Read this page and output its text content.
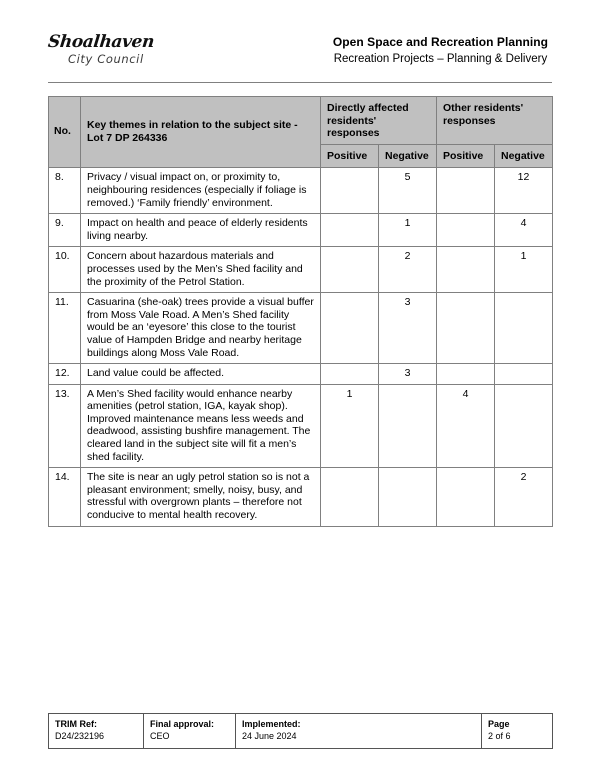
Shoalhaven
City Council
Open Space and Recreation Planning
Recreation Projects – Planning & Delivery
No.	Key themes in relation to the subject site - Lot 7 DP 264336	Directly affected residents' responses		Other residents' responses	
		Positive	Negative	Positive	Negative
8.	Privacy / visual impact on, or proximity to, neighbouring residences (especially if foliage is removed.) ‘Family friendly’ environment.		5		12
9.	Impact on health and peace of elderly residents living nearby.		1		4
10.	Concern about hazardous materials and processes used by the Men’s Shed facility and the proximity of the Petrol Station.		2		1
11.	Casuarina (she-oak) trees provide a visual buffer from Moss Vale Road. A Men’s Shed facility would be an ‘eyesore’ this close to the tourist value of Hampden Bridge and nearby heritage buildings along Moss Vale Road.		3		
12.	Land value could be affected.		3		
13.	A Men’s Shed facility would enhance nearby amenities (petrol station, IGA, kayak shop). Improved maintenance means less weeds and deadwood, assisting bushfire management. The cleared land in the subject site will fit a men’s shed facility.	1		4	
14.	The site is near an ugly petrol station so is not a pleasant environment; smelly, noisy, busy, and stressful with overgrown plants – therefore not conducive to mental health recovery.				2
TRIM Ref:
D24/232196

Final approval:
CEO

Implemented:
24 June 2024

Page
2 of 6
